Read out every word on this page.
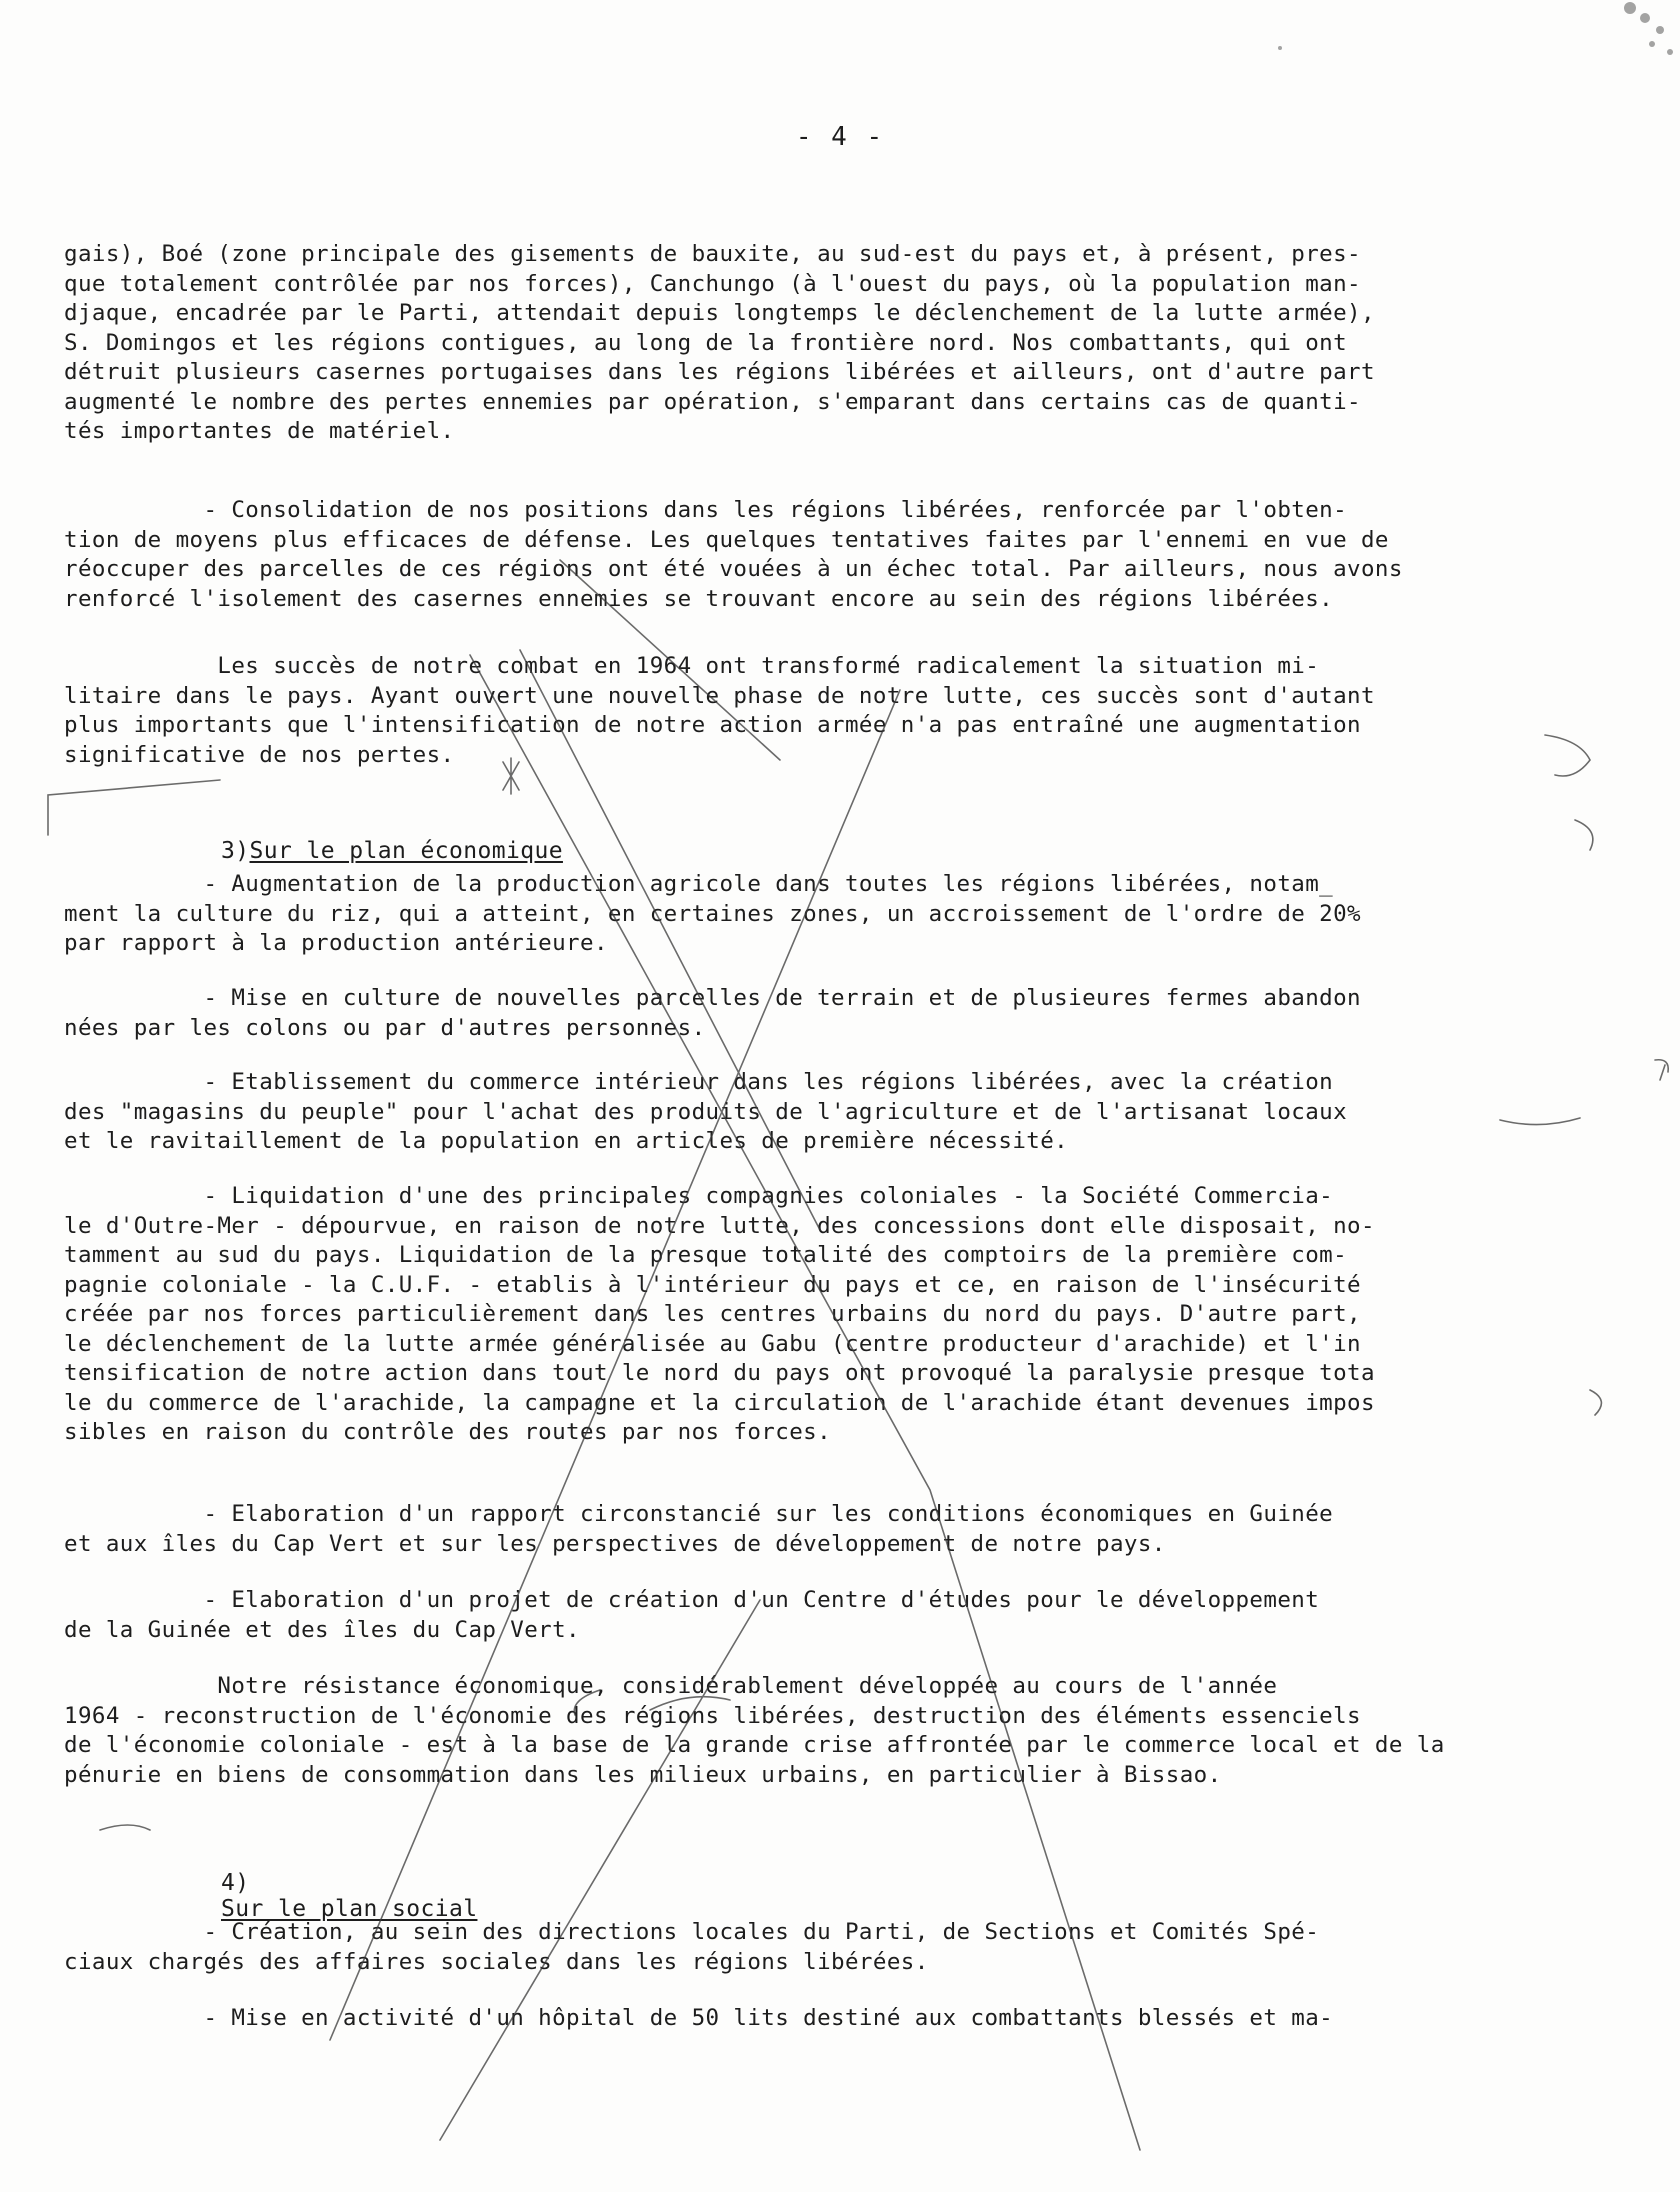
- 4 -
gais), Boé (zone principale des gisements de bauxite, au sud-est du pays et, à présent, pres-
que totalement contrôlée par nos forces), Canchungo (à l'ouest du pays, où la population man-
djaque, encadrée par le Parti, attendait depuis longtemps le déclenchement de la lutte armée),
S. Domingos et les régions contigues, au long de la frontière nord. Nos combattants, qui ont
détruit plusieurs casernes portugaises dans les régions libérées et ailleurs, ont d'autre part
augmenté le nombre des pertes ennemies par opération, s'emparant dans certains cas de quanti-
tés importantes de matériel.
- Consolidation de nos positions dans les régions libérées, renforcée par l'obten-
tion de moyens plus efficaces de défense. Les quelques tentatives faites par l'ennemi en vue de
réoccuper des parcelles de ces régions ont été vouées à un échec total. Par ailleurs, nous avons
renforcé l'isolement des casernes ennemies se trouvant encore au sein des régions libérées.
Les succès de notre combat en 1964 ont transformé radicalement la situation mi-
litaire dans le pays. Ayant ouvert une nouvelle phase de notre lutte, ces succès sont d'autant
plus importants que l'intensification de notre action armée n'a pas entraîné une augmentation
significative de nos pertes.

3)Sur le plan économique

- Augmentation de la production agricole dans toutes les régions libérées, notam_
ment la culture du riz, qui a atteint, en certaines zones, un accroissement de l'ordre de 20%
par rapport à la production antérieure.
- Mise en culture de nouvelles parcelles de terrain et de plusieures fermes abandon
nées par les colons ou par d'autres personnes.
- Etablissement du commerce intérieur dans les régions libérées, avec la création
des "magasins du peuple" pour l'achat des produits de l'agriculture et de l'artisanat locaux
et le ravitaillement de la population en articles de première nécessité.
- Liquidation d'une des principales compagnies coloniales - la Société Commercia-
le d'Outre-Mer - dépourvue, en raison de notre lutte, des concessions dont elle disposait, no-
tamment au sud du pays. Liquidation de la presque totalité des comptoirs de la première com-
pagnie coloniale - la C.U.F. - etablis à l'intérieur du pays et ce, en raison de l'insécurité
créée par nos forces particulièrement dans les centres urbains du nord du pays. D'autre part,
le déclenchement de la lutte armée généralisée au Gabu (centre producteur d'arachide) et l'in
tensification de notre action dans tout le nord du pays ont provoqué la paralysie presque tota
le du commerce de l'arachide, la campagne et la circulation de l'arachide étant devenues impos
sibles en raison du contrôle des routes par nos forces.
- Elaboration d'un rapport circonstancié sur les conditions économiques en Guinée
et aux îles du Cap Vert et sur les perspectives de développement de notre pays.
- Elaboration d'un projet de création d'un Centre d'études pour le développement
de la Guinée et des îles du Cap Vert.
Notre résistance économique, considérablement développée au cours de l'année
1964 - reconstruction de l'économie des régions libérées, destruction des éléments essenciels
de l'économie coloniale - est à la base de la grande crise affrontée par le commerce local et de la
pénurie en biens de consommation dans les milieux urbains, en particulier à Bissao.

4)
Sur le plan social

- Création, au sein des directions locales du Parti, de Sections et Comités Spé-
ciaux chargés des affaires sociales dans les régions libérées.
- Mise en activité d'un hôpital de 50 lits destiné aux combattants blessés et ma-
